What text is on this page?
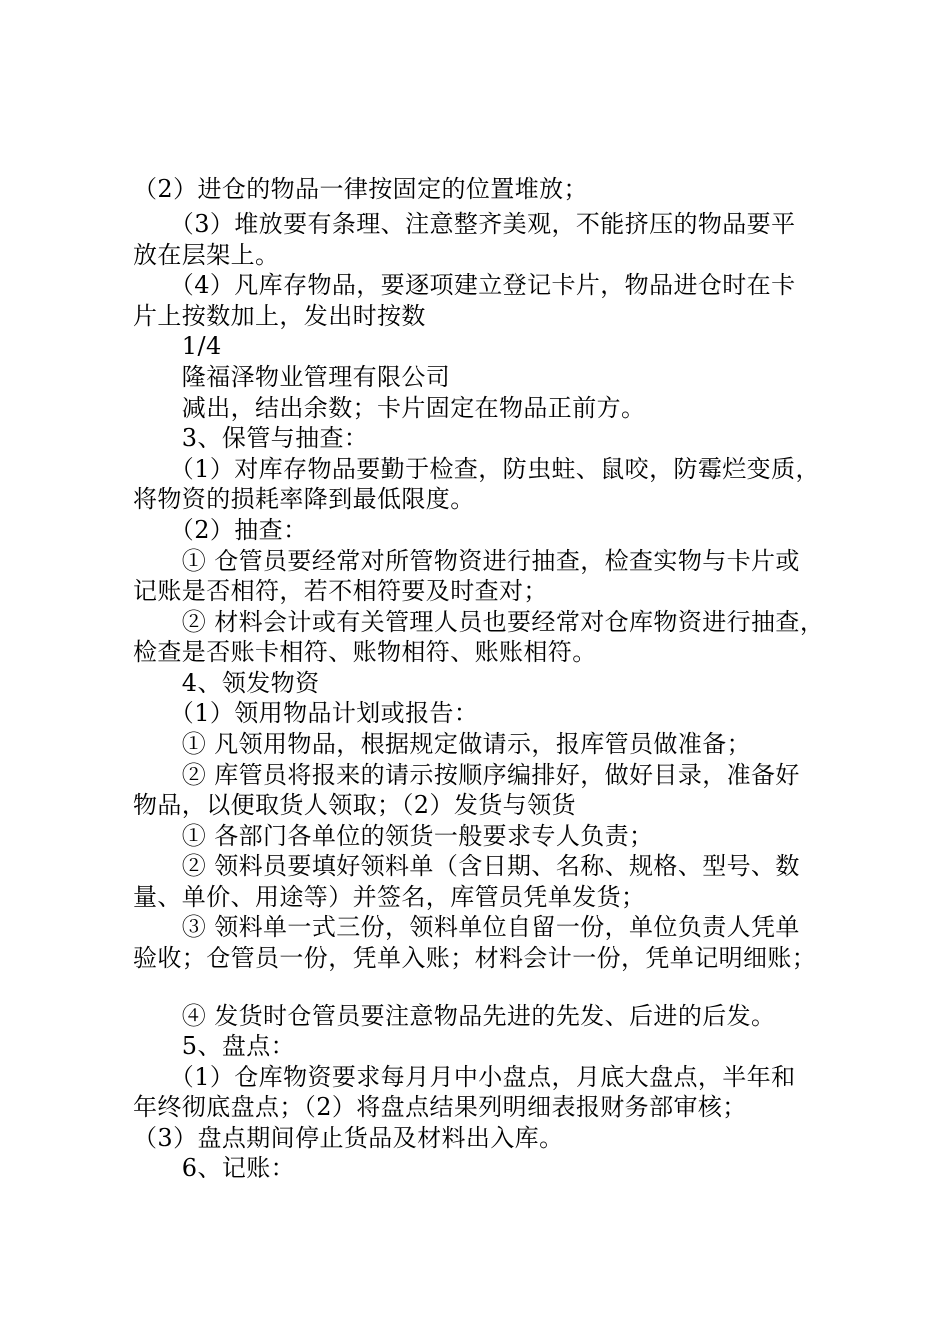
（2）进仓的物品一律按固定的位置堆放；
　　（3）堆放要有条理、注意整齐美观，不能挤压的物品要平
放在层架上。
　　（4）凡库存物品，要逐项建立登记卡片，物品进仓时在卡
片上按数加上，发出时按数
　　1/4
　　隆福泽物业管理有限公司
　　减出，结出余数；卡片固定在物品正前方。
　　3、保管与抽查：
　　（1）对库存物品要勤于检查，防虫蛀、鼠咬，防霉烂变质，
将物资的损耗率降到最低限度。
　　（2）抽查：
　　① 仓管员要经常对所管物资进行抽查，检查实物与卡片或
记账是否相符，若不相符要及时查对；
　　② 材料会计或有关管理人员也要经常对仓库物资进行抽查，
检查是否账卡相符、账物相符、账账相符。
　　4、领发物资
　　（1）领用物品计划或报告：
　　① 凡领用物品，根据规定做请示，报库管员做准备；
　　② 库管员将报来的请示按顺序编排好，做好目录，准备好
物品，以便取货人领取；（2）发货与领货
　　① 各部门各单位的领货一般要求专人负责；
　　② 领料员要填好领料单（含日期、名称、规格、型号、数
量、单价、用途等）并签名，库管员凭单发货；
　　③ 领料单一式三份，领料单位自留一份，单位负责人凭单
验收；仓管员一份，凭单入账；材料会计一份，凭单记明细账；
　　④ 发货时仓管员要注意物品先进的先发、后进的后发。
　　5、盘点：
　　（1）仓库物资要求每月月中小盘点，月底大盘点，半年和
年终彻底盘点；（2）将盘点结果列明细表报财务部审核；
（3）盘点期间停止货品及材料出入库。
　　6、记账：
